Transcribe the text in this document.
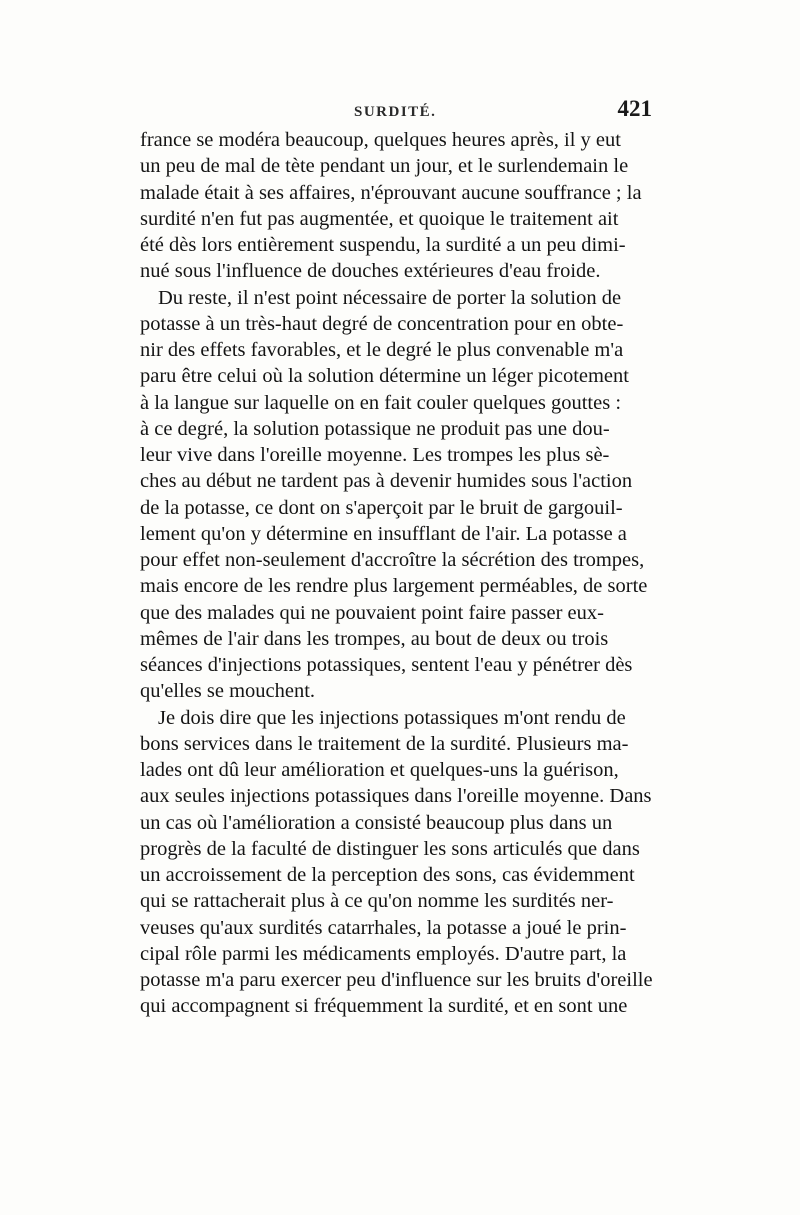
SURDITÉ.	421
france se modéra beaucoup, quelques heures après, il y eut
un peu de mal de tète pendant un jour, et le surlendemain le
malade était à ses affaires, n'éprouvant aucune souffrance ; la
surdité n'en fut pas augmentée, et quoique le traitement ait
été dès lors entièrement suspendu, la surdité a un peu dimi-
nué sous l'influence de douches extérieures d'eau froide.
Du reste, il n'est point nécessaire de porter la solution de
potasse à un très-haut degré de concentration pour en obte-
nir des effets favorables, et le degré le plus convenable m'a
paru être celui où la solution détermine un léger picotement
à la langue sur laquelle on en fait couler quelques gouttes :
à ce degré, la solution potassique ne produit pas une dou-
leur vive dans l'oreille moyenne. Les trompes les plus sè-
ches au début ne tardent pas à devenir humides sous l'action
de la potasse, ce dont on s'aperçoit par le bruit de gargouil-
lement qu'on y détermine en insufflant de l'air. La potasse a
pour effet non-seulement d'accroître la sécrétion des trompes,
mais encore de les rendre plus largement perméables, de sorte
que des malades qui ne pouvaient point faire passer eux-
mêmes de l'air dans les trompes, au bout de deux ou trois
séances d'injections potassiques, sentent l'eau y pénétrer dès
qu'elles se mouchent.
Je dois dire que les injections potassiques m'ont rendu de
bons services dans le traitement de la surdité. Plusieurs ma-
lades ont dû leur amélioration et quelques-uns la guérison,
aux seules injections potassiques dans l'oreille moyenne. Dans
un cas où l'amélioration a consisté beaucoup plus dans un
progrès de la faculté de distinguer les sons articulés que dans
un accroissement de la perception des sons, cas évidemment
qui se rattacherait plus à ce qu'on nomme les surdités ner-
veuses qu'aux surdités catarrhales, la potasse a joué le prin-
cipal rôle parmi les médicaments employés. D'autre part, la
potasse m'a paru exercer peu d'influence sur les bruits d'oreille
qui accompagnent si fréquemment la surdité, et en sont une
